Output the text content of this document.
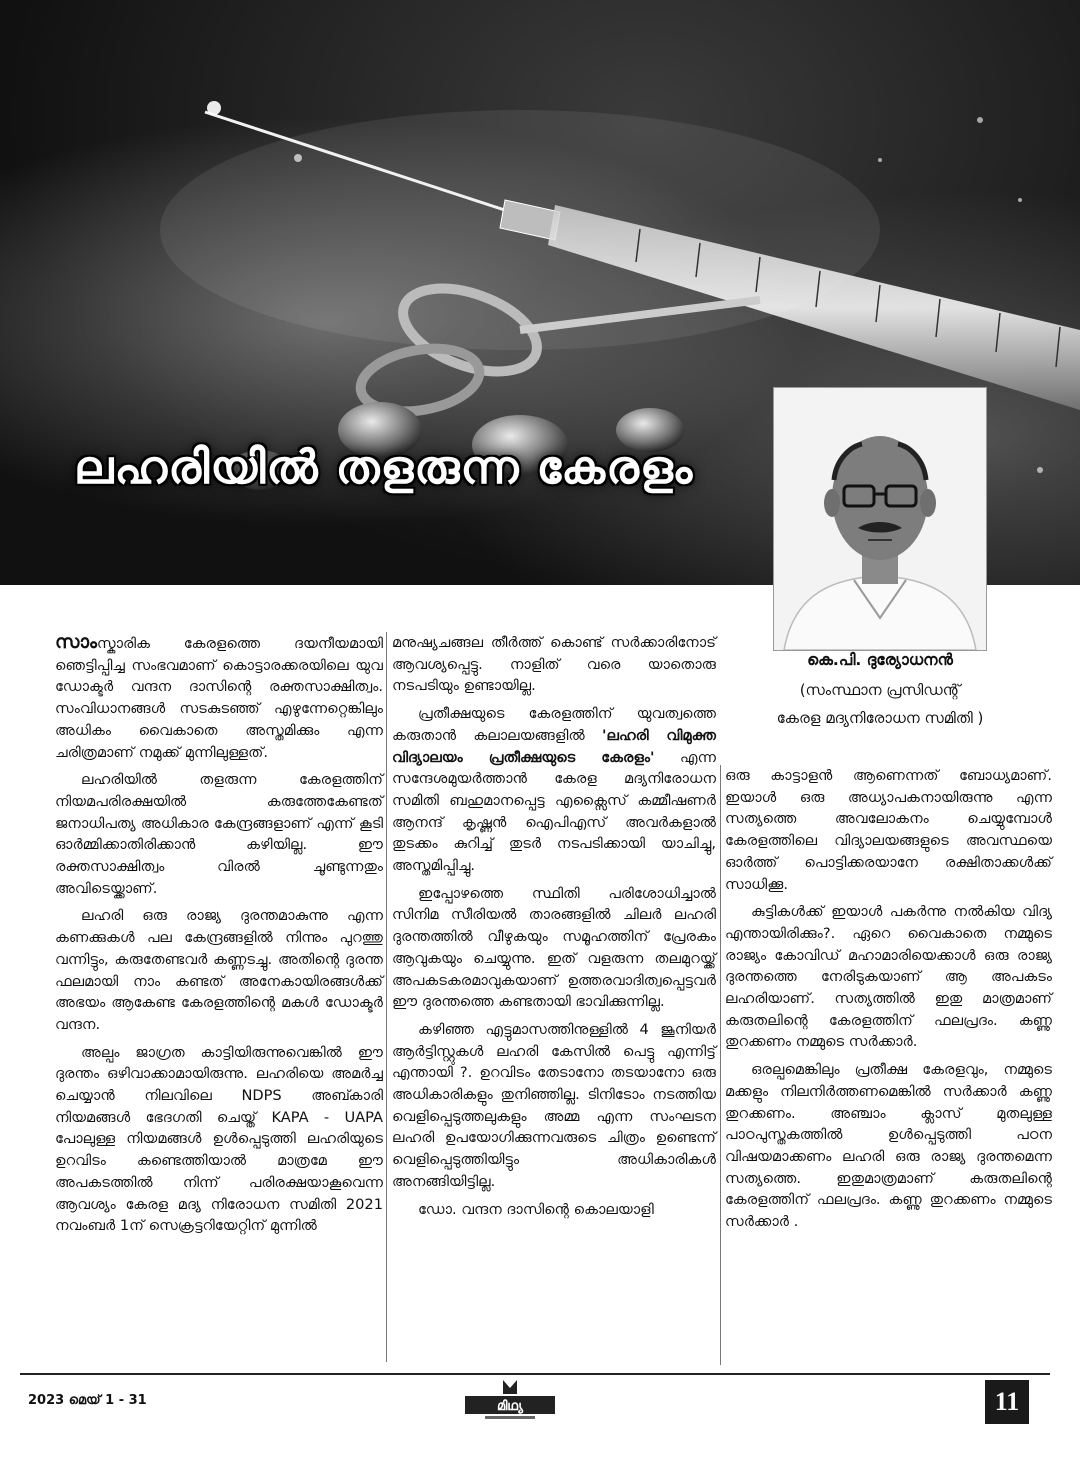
ലഹരിയിൽ തളരുന്ന കേരളം

കെ.പി. ദുര്യോധനൻ

(സംസ്ഥാന പ്രസിഡന്റ്

കേരള മദ്യനിരോധന സമിതി )

സാംസ്കാരിക കേരളത്തെ ദയനീയമായി ഞെട്ടിപ്പിച്ച സംഭവമാണ് കൊട്ടാരക്കരയിലെ യുവ ഡോക്ടർ വന്ദന ദാസിന്റെ രക്തസാക്ഷിത്വം. സംവിധാനങ്ങൾ സടകുടഞ്ഞ് എഴുന്നേറ്റെങ്കിലും അധികം വൈകാതെ അസ്തമിക്കും എന്ന ചരിത്രമാണ് നമുക്ക് മുന്നിലുള്ളത്.

ലഹരിയിൽ തളരുന്ന കേരളത്തിന് നിയമപരിരക്ഷയിൽ കരുത്തേകേണ്ടത് ജനാധിപത്യ അധികാര കേന്ദ്രങ്ങളാണ് എന്ന് കൂടി ഓർമ്മിക്കാതിരിക്കാൻ കഴിയില്ല. ഈ രക്തസാക്ഷിത്വം വിരൽ ചൂണ്ടുന്നതും അവിടെയ്ക്കാണ്.

ലഹരി ഒരു രാജ്യ ദുരന്തമാകുന്നു എന്ന കണക്കുകൾ പല കേന്ദ്രങ്ങളിൽ നിന്നും പുറത്തു വന്നിട്ടും, കരുതേണ്ടവർ കണ്ണടച്ചു. അതിന്റെ ദുരന്ത ഫലമായി നാം കണ്ടത് അനേകായിരങ്ങൾക്ക് അഭയം ആകേണ്ട കേരളത്തിന്റെ മകൾ ഡോക്ടർ വന്ദന.

അല്പം ജാഗ്രത കാട്ടിയിരുന്നുവെങ്കിൽ ഈ ദുരന്തം ഒഴിവാക്കാമായിരുന്നു. ലഹരിയെ അമർച്ച ചെയ്യാൻ നിലവിലെ NDPS അബ്കാരി നിയമങ്ങൾ ഭേദഗതി ചെയ്ത് KAPA - UAPA പോലുള്ള നിയമങ്ങൾ ഉൾപ്പെടുത്തി ലഹരിയുടെ ഉറവിടം കണ്ടെത്തിയാൽ മാത്രമേ ഈ അപകടത്തിൽ നിന്ന് പരിരക്ഷയാകൂവെന്ന ആവശ്യം കേരള മദ്യ നിരോധന സമിതി 2021 നവംബർ 1ന് സെക്രട്ടറിയേറ്റിന് മുന്നിൽ

മനുഷ്യചങ്ങല തീർത്ത് കൊണ്ട് സർക്കാരിനോട് ആവശ്യപ്പെട്ടു. നാളിത് വരെ യാതൊരു നടപടിയും ഉണ്ടായില്ല.

പ്രതീക്ഷയുടെ കേരളത്തിന് യുവത്വത്തെ കരുതാൻ കലാലയങ്ങളിൽ 'ലഹരി വിമുക്ത വിദ്യാലയം പ്രതീക്ഷയുടെ കേരളം' എന്ന സന്ദേശമുയർത്താൻ കേരള മദ്യനിരോധന സമിതി ബഹുമാനപ്പെട്ട എക്സൈസ് കമ്മീഷണർ ആനന്ദ് കൃഷ്ണൻ ഐപിഎസ് അവർകളാൽ തുടക്കം കുറിച്ച് തുടർ നടപടിക്കായി യാചിച്ചു, അസ്തമിപ്പിച്ചു.

ഇപ്പോഴത്തെ സ്ഥിതി പരിശോധിച്ചാൽ സിനിമ സീരിയൽ താരങ്ങളിൽ ചിലർ ലഹരി ദുരന്തത്തിൽ വീഴുകയും സമൂഹത്തിന് പ്രേരകം ആവുകയും ചെയ്യുന്നു. ഇത് വളരുന്ന തലമുറയ്ക്ക് അപകടകരമാവുകയാണ് ഉത്തരവാദിത്വപ്പെട്ടവർ ഈ ദുരന്തത്തെ കണ്ടതായി ഭാവിക്കുന്നില്ല.

കഴിഞ്ഞ എട്ടുമാസത്തിനുള്ളിൽ 4 ജൂനിയർ ആർട്ടിസ്റ്റുകൾ ലഹരി കേസിൽ പെട്ടു എന്നിട്ട് എന്തായി ?. ഉറവിടം തേടാനോ തടയാനോ ഒരു അധികാരികളും തുനിഞ്ഞില്ല. ടിനിടോം നടത്തിയ വെളിപ്പെടുത്തലുകളും അമ്മ എന്ന സംഘടന ലഹരി ഉപയോഗിക്കുന്നവരുടെ ചിത്രം ഉണ്ടെന്ന് വെളിപ്പെടുത്തിയിട്ടും അധികാരികൾ അനങ്ങിയിട്ടില്ല.

ഡോ. വന്ദന ദാസിന്റെ കൊലയാളി

ഒരു കാട്ടാളൻ ആണെന്നത് ബോധ്യമാണ്. ഇയാൾ ഒരു അധ്യാപകനായിരുന്നു എന്ന സത്യത്തെ അവലോകനം ചെയ്യുമ്പോൾ കേരളത്തിലെ വിദ്യാലയങ്ങളുടെ അവസ്ഥയെ ഓർത്ത് പൊട്ടിക്കരയാനേ രക്ഷിതാക്കൾക്ക് സാധിക്കൂ.

കുട്ടികൾക്ക് ഇയാൾ പകർന്നു നൽകിയ വിദ്യ എന്തായിരിക്കും?. ഏറെ വൈകാതെ നമ്മുടെ രാജ്യം കോവിഡ് മഹാമാരിയെക്കാൾ ഒരു രാജ്യ ദുരന്തത്തെ നേരിടുകയാണ് ആ അപകടം ലഹരിയാണ്. സത്യത്തിൽ ഇതു മാത്രമാണ് കരുതലിന്റെ കേരളത്തിന് ഫലപ്രദം. കണ്ണു തുറക്കണം നമ്മുടെ സർക്കാർ.

ഒരല്പമെങ്കിലും പ്രതീക്ഷ കേരളവും, നമ്മുടെ മക്കളും നിലനിർത്തണമെങ്കിൽ സർക്കാർ കണ്ണു തുറക്കണം. അഞ്ചാം ക്ലാസ് മുതലുള്ള പാഠപുസ്തകത്തിൽ ഉൾപ്പെടുത്തി പഠന വിഷയമാക്കണം ലഹരി ഒരു രാജ്യ ദുരന്തമെന്ന സത്യത്തെ. ഇതുമാത്രമാണ് കരുതലിന്റെ കേരളത്തിന് ഫലപ്രദം. കണ്ണു തുറക്കണം നമ്മുടെ സർക്കാർ .

2023 മെയ് 1 - 31	മിഥ്യ	11
